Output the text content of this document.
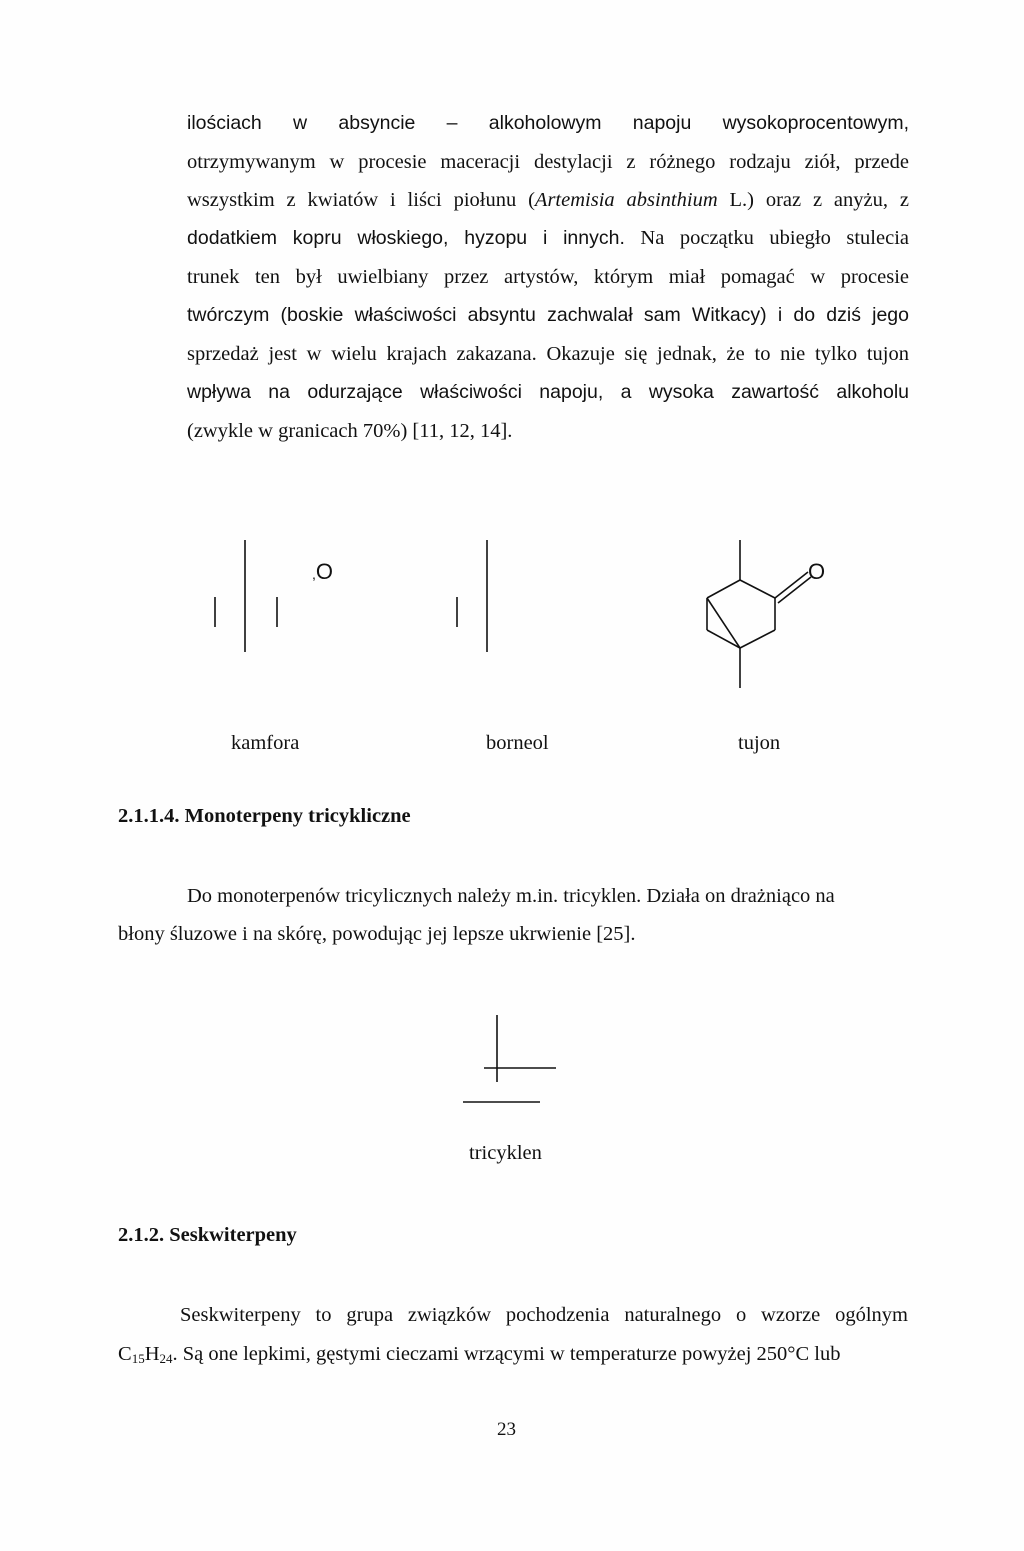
ilościach w absyncie – alkoholowym napoju wysokoprocentowym,
otrzymywanym w procesie maceracji destylacji z różnego rodzaju ziół, przede
wszystkim z kwiatów i liści piołunu (Artemisia absinthium L.) oraz z anyżu, z
dodatkiem kopru włoskiego, hyzopu i innych. Na początku ubiegło stulecia
trunek ten był uwielbiany przez artystów, którym miał pomagać w procesie
twórczym (boskie właściwości absyntu zachwalał sam Witkacy) i do dziś jego
sprzedaż jest w wielu krajach zakazana. Okazuje się jednak, że to nie tylko tujon
wpływa na odurzające właściwości napoju, a wysoka zawartość alkoholu
(zwykle w granicach 70%) [11, 12, 14].
,O	O
kamfora	borneol	tujon
2.1.1.4. Monoterpeny tricykliczne
Do monoterpenów tricylicznych należy m.in. tricyklen. Działa on drażniąco na
błony śluzowe i na skórę, powodując jej lepsze ukrwienie [25].
tricyklen
2.1.2. Seskwiterpeny
Seskwiterpeny to grupa związków pochodzenia naturalnego o wzorze ogólnym
$C_{15}H_{24}$. Są one lepkimi, gęstymi cieczami wrzącymi w temperaturze powyżej 250°C lub
23
